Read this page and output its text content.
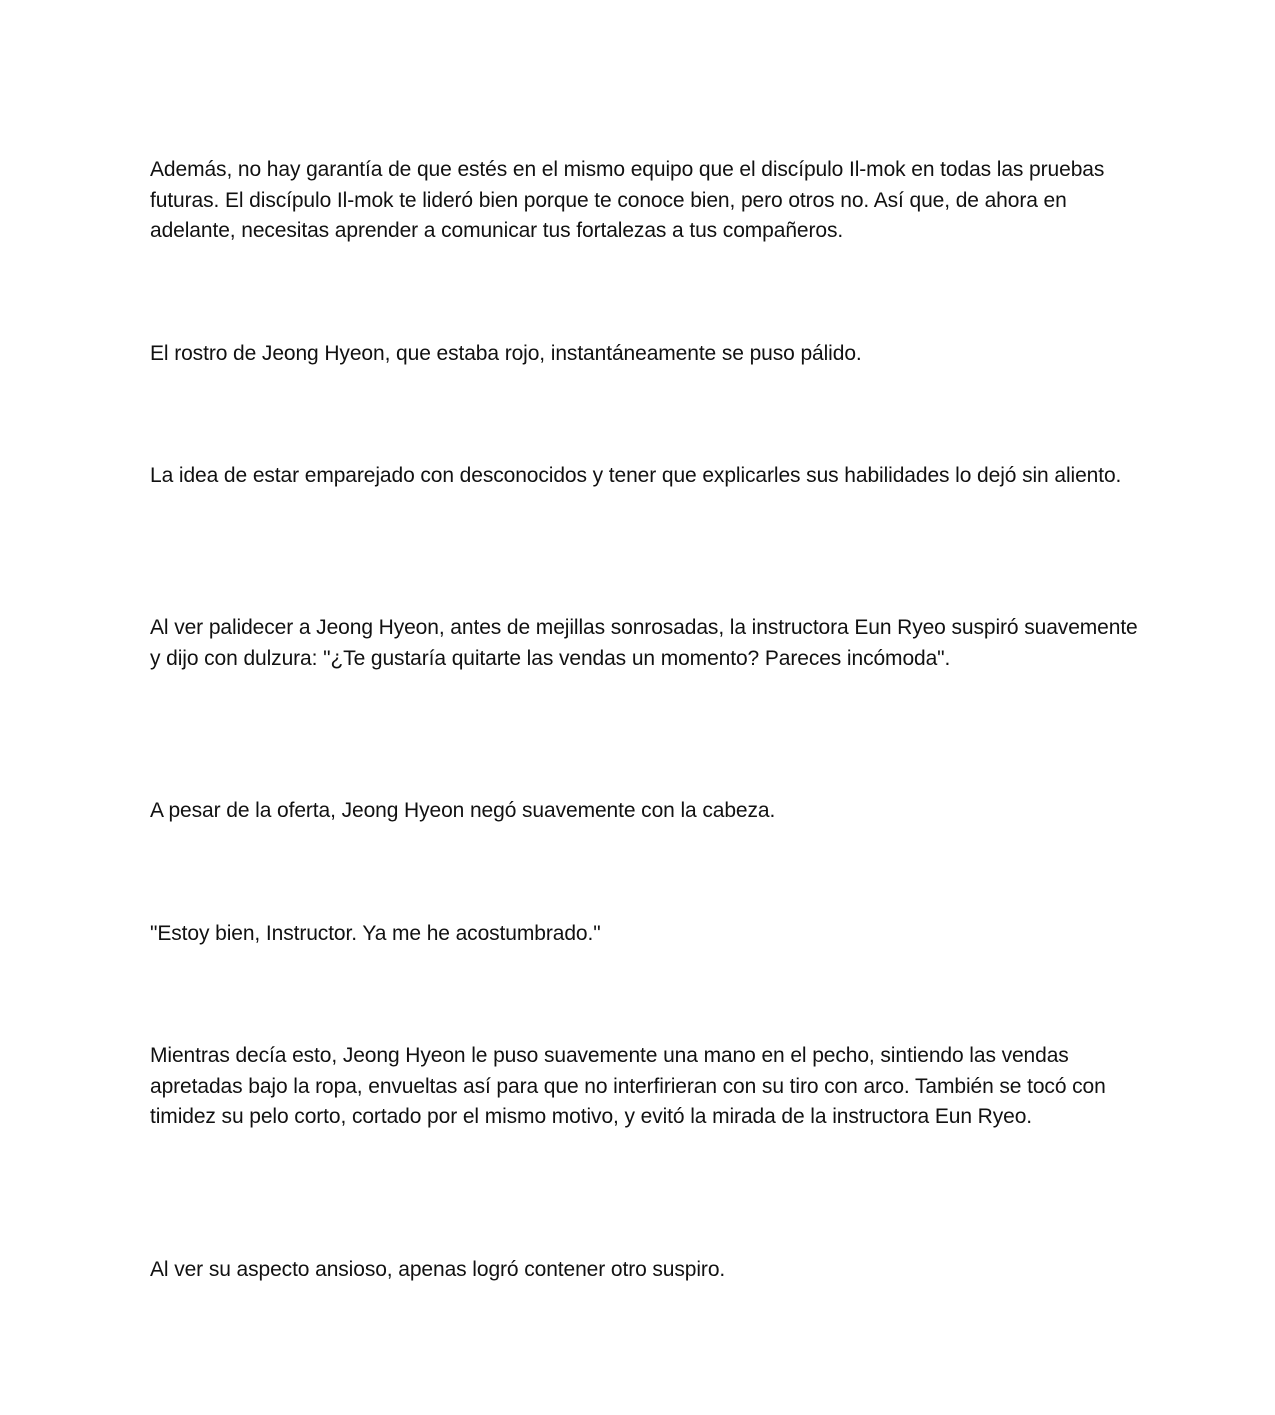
Además, no hay garantía de que estés en el mismo equipo que el discípulo Il-mok en todas las pruebas futuras. El discípulo Il-mok te lideró bien porque te conoce bien, pero otros no. Así que, de ahora en adelante, necesitas aprender a comunicar tus fortalezas a tus compañeros.

El rostro de Jeong Hyeon, que estaba rojo, instantáneamente se puso pálido.

La idea de estar emparejado con desconocidos y tener que explicarles sus habilidades lo dejó sin aliento.

Al ver palidecer a Jeong Hyeon, antes de mejillas sonrosadas, la instructora Eun Ryeo suspiró suavemente y dijo con dulzura: "¿Te gustaría quitarte las vendas un momento? Pareces incómoda".

A pesar de la oferta, Jeong Hyeon negó suavemente con la cabeza.

"Estoy bien, Instructor. Ya me he acostumbrado."

Mientras decía esto, Jeong Hyeon le puso suavemente una mano en el pecho, sintiendo las vendas apretadas bajo la ropa, envueltas así para que no interfirieran con su tiro con arco. También se tocó con timidez su pelo corto, cortado por el mismo motivo, y evitó la mirada de la instructora Eun Ryeo.

Al ver su aspecto ansioso, apenas logró contener otro suspiro.
